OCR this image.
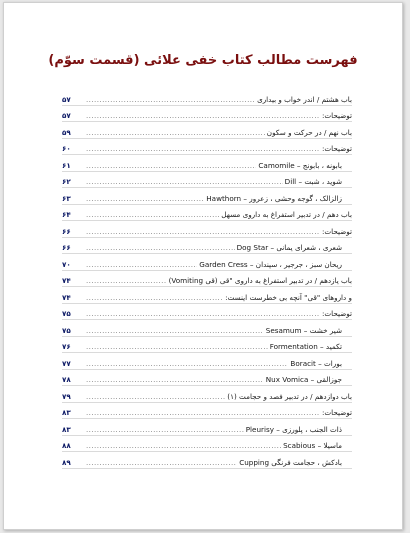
فهرست مطالب کتاب خفی علائی (قسمت سوّم)
باب هشتم / اندر خواب و بیداری
.....
۵۷
توضیحات:
.....
۵۷
باب نهم / در حرکت و سکون
.....
۵۹
توضیحات:
.....
۶۰
بابونه ، بابونج – Camomile
.....
۶۱
شوید ، شبت – Dill
.....
۶۲
زالزالک ، گوجه وحشی ، زعرور – Hawthorn
.....
۶۳
باب دهم / در تدبیر استفراغ به داروی مسهل
.....
۶۴
توضیحات:
.....
۶۶
شعری ، شعرای یمانی – Dog Star
.....
۶۶
ریحان سبز ، جرجیر ، سپندان – Garden Cress
.....
۷۰
باب یازدهم / در تدبیر استفراغ به داروی "قی (قی Vomiting)
.....
۷۴
و داروهای "قی" آنچه بی خطرست اینست:
.....
۷۴
توضیحات:
.....
۷۵
شیر خشت – Sesamum
.....
۷۵
تکمید – Formentation
.....
۷۶
بورات – Boracit
.....
۷۷
جوزالقی – Nux Vomica
.....
۷۸
باب دوازدهم / در تدبیر فصد و حجامت (۱)
.....
۷۹
توضیحات:
.....
۸۳
ذات الجنب ، پلورزی – Pleurisy
.....
۸۳
ماسیلا – Scabious
.....
۸۸
بادکش ، حجامت فرنگی Cupping
.....
۸۹
